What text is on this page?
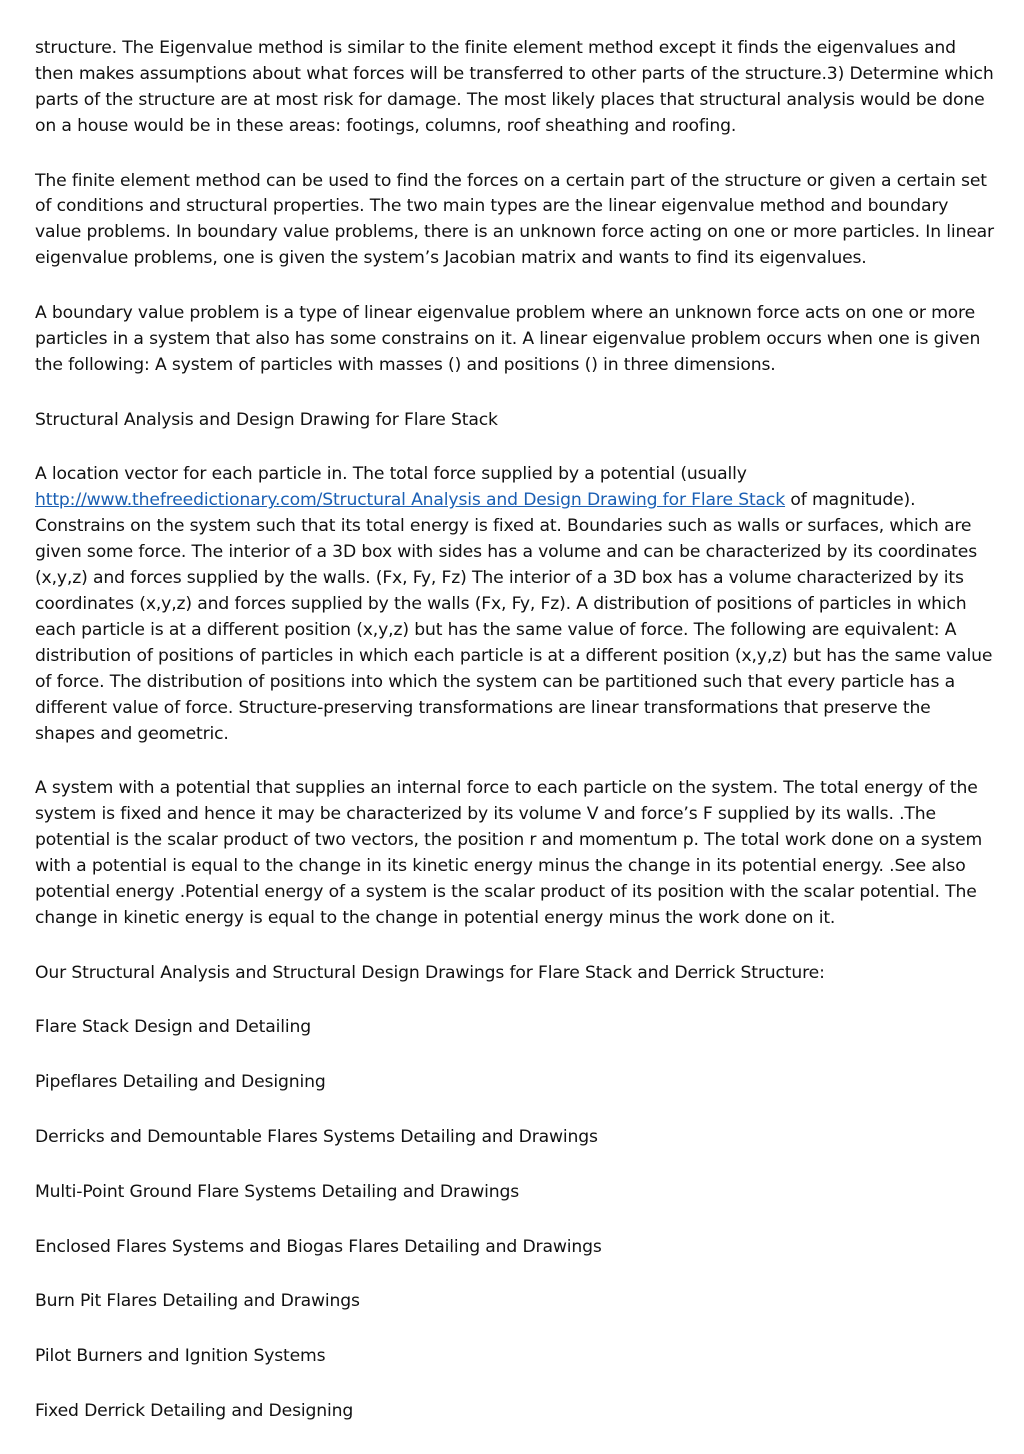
structure. The Eigenvalue method is similar to the finite element method except it finds the eigenvalues and then makes assumptions about what forces will be transferred to other parts of the structure.3) Determine which parts of the structure are at most risk for damage. The most likely places that structural analysis would be done on a house would be in these areas: footings, columns, roof sheathing and roofing.

The finite element method can be used to find the forces on a certain part of the structure or given a certain set of conditions and structural properties. The two main types are the linear eigenvalue method and boundary value problems. In boundary value problems, there is an unknown force acting on one or more particles. In linear eigenvalue problems, one is given the system’s Jacobian matrix and wants to find its eigenvalues.

A boundary value problem is a type of linear eigenvalue problem where an unknown force acts on one or more particles in a system that also has some constrains on it. A linear eigenvalue problem occurs when one is given the following: A system of particles with masses () and positions () in three dimensions.

Structural Analysis and Design Drawing for Flare Stack

A location vector for each particle in. The total force supplied by a potential (usually http://www.thefreedictionary.com/Structural Analysis and Design Drawing for Flare Stack of magnitude). Constrains on the system such that its total energy is fixed at. Boundaries such as walls or surfaces, which are given some force. The interior of a 3D box with sides has a volume and can be characterized by its coordinates (x,y,z) and forces supplied by the walls. (Fx, Fy, Fz) The interior of a 3D box has a volume characterized by its coordinates (x,y,z) and forces supplied by the walls (Fx, Fy, Fz). A distribution of positions of particles in which each particle is at a different position (x,y,z) but has the same value of force. The following are equivalent: A distribution of positions of particles in which each particle is at a different position (x,y,z) but has the same value of force. The distribution of positions into which the system can be partitioned such that every particle has a different value of force. Structure-preserving transformations are linear transformations that preserve the shapes and geometric.

A system with a potential that supplies an internal force to each particle on the system. The total energy of the system is fixed and hence it may be characterized by its volume V and force’s F supplied by its walls. .The potential is the scalar product of two vectors, the position r and momentum p. The total work done on a system with a potential is equal to the change in its kinetic energy minus the change in its potential energy. .See also potential energy .Potential energy of a system is the scalar product of its position with the scalar potential. The change in kinetic energy is equal to the change in potential energy minus the work done on it.

Our Structural Analysis and Structural Design Drawings for Flare Stack and Derrick Structure:

Flare Stack Design and Detailing

Pipeflares Detailing and Designing

Derricks and Demountable Flares Systems Detailing and Drawings

Multi-Point Ground Flare Systems Detailing and Drawings

Enclosed Flares Systems and Biogas Flares Detailing and Drawings

Burn Pit Flares Detailing and Drawings

Pilot Burners and Ignition Systems

Fixed Derrick Detailing and Designing
